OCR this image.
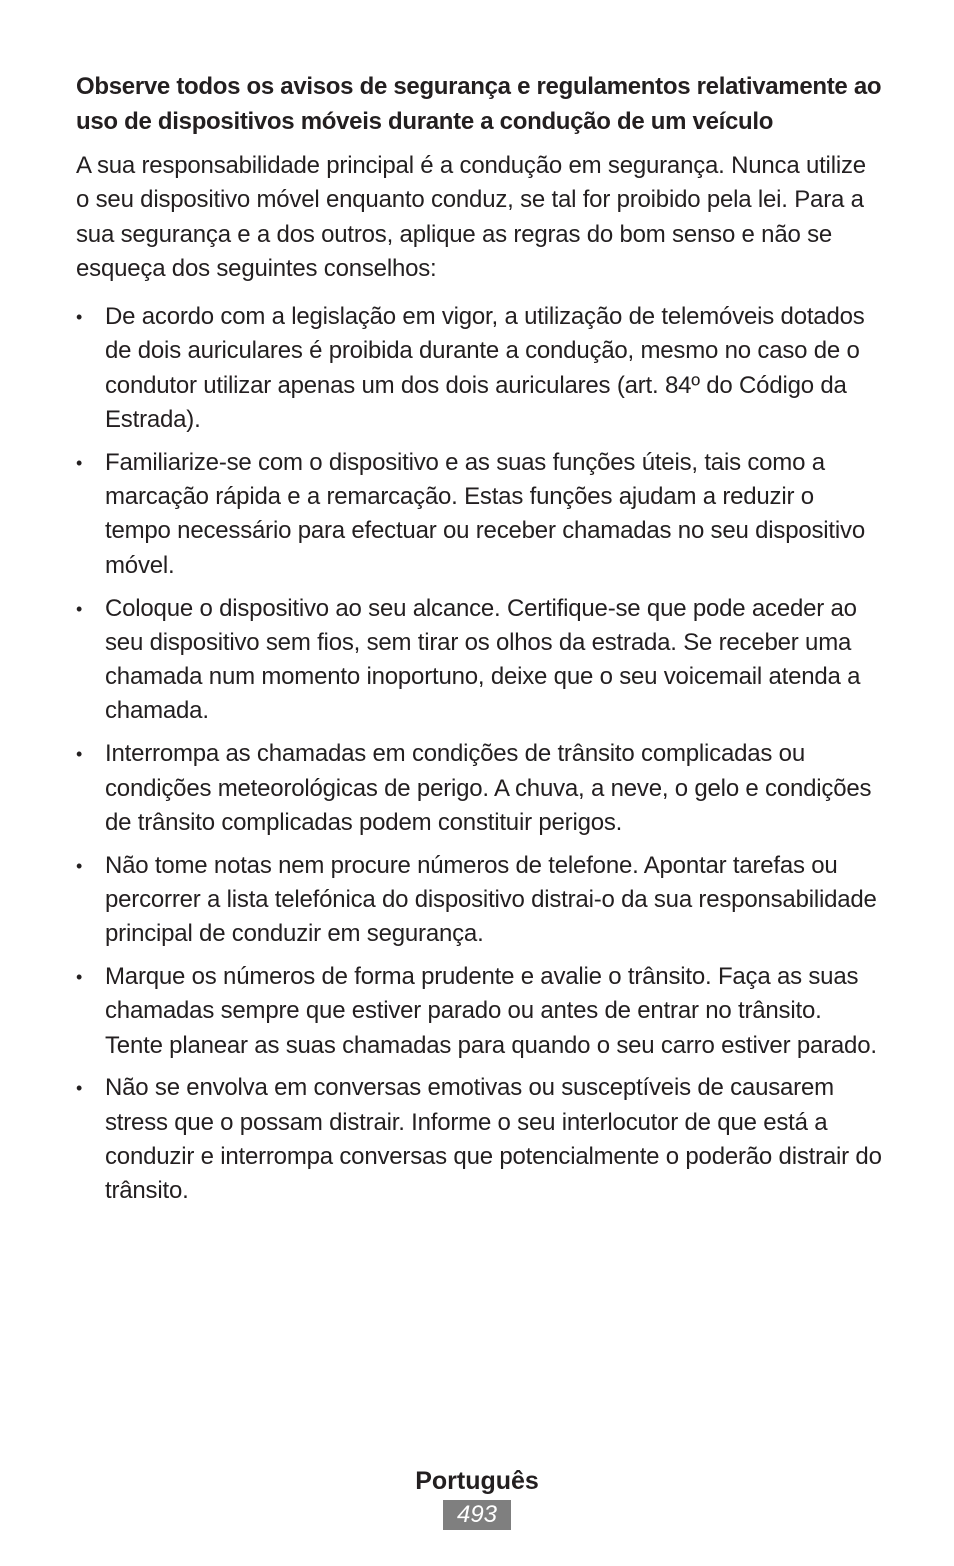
Observe todos os avisos de segurança e regulamentos relativamente ao uso de dispositivos móveis durante a condução de um veículo

A sua responsabilidade principal é a condução em segurança. Nunca utilize o seu dispositivo móvel enquanto conduz, se tal for proibido pela lei. Para a sua segurança e a dos outros, aplique as regras do bom senso e não se esqueça dos seguintes conselhos:

• De acordo com a legislação em vigor, a utilização de telemóveis dotados de dois auriculares é proibida durante a condução, mesmo no caso de o condutor utilizar apenas um dos dois auriculares (art. 84º do Código da Estrada).
• Familiarize-se com o dispositivo e as suas funções úteis, tais como a marcação rápida e a remarcação. Estas funções ajudam a reduzir o tempo necessário para efectuar ou receber chamadas no seu dispositivo móvel.
• Coloque o dispositivo ao seu alcance. Certifique-se que pode aceder ao seu dispositivo sem fios, sem tirar os olhos da estrada. Se receber uma chamada num momento inoportuno, deixe que o seu voicemail atenda a chamada.
• Interrompa as chamadas em condições de trânsito complicadas ou condições meteorológicas de perigo. A chuva, a neve, o gelo e condições de trânsito complicadas podem constituir perigos.
• Não tome notas nem procure números de telefone. Apontar tarefas ou percorrer a lista telefónica do dispositivo distrai-o da sua responsabilidade principal de conduzir em segurança.
• Marque os números de forma prudente e avalie o trânsito. Faça as suas chamadas sempre que estiver parado ou antes de entrar no trânsito. Tente planear as suas chamadas para quando o seu carro estiver parado.
• Não se envolva em conversas emotivas ou susceptíveis de causarem stress que o possam distrair. Informe o seu interlocutor de que está a conduzir e interrompa conversas que potencialmente o poderão distrair do trânsito.
Português
493
